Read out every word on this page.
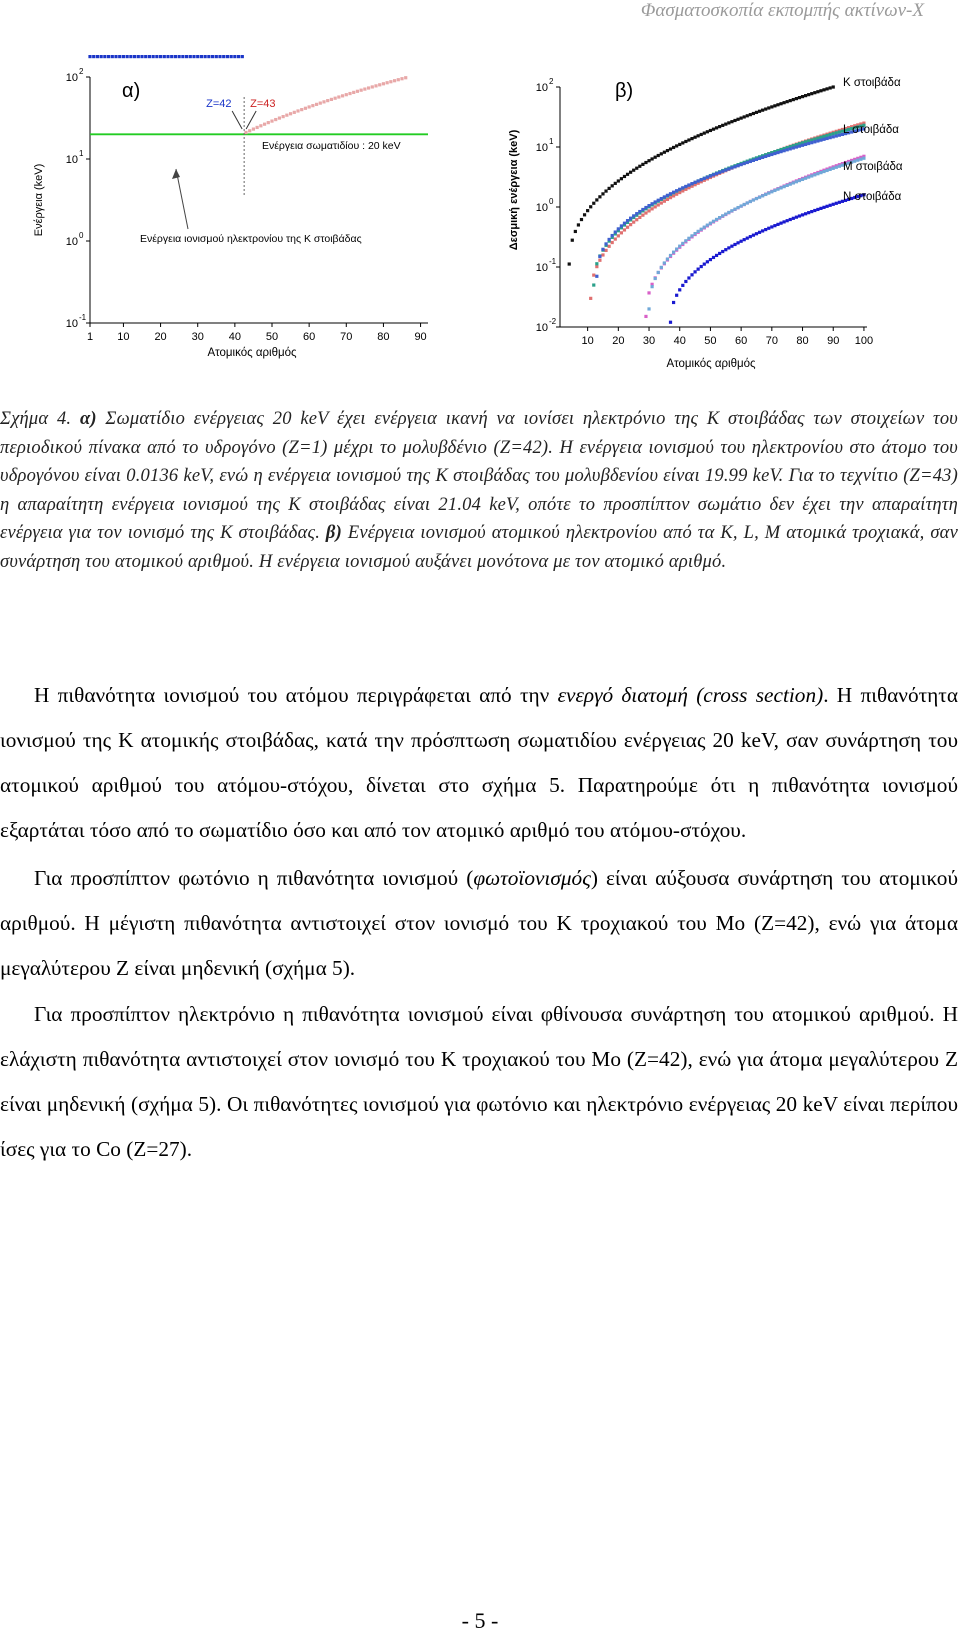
Φασματοσκοπία εκπομπής ακτίνων-Χ
10
-1
10
0
10
1
10
2
1 10 20 30 40 50 60 70 80 90
Z=42 Z=43
α)
Ενέργεια (keV)
Ατομικός αριθμός
Ενέργεια σωματιδίου : 20 keV
Ενέργεια ιονισμού ηλεκτρονίου της Κ στοιβάδας
10
-2
10
-1
10
0
10
1
10
2
10 20 30 40 50 60 70 80 90 100
β)
Δεσμική ενέργεια (keV)
Ατομικός αριθμός
Κ στοιβάδα
L στοιβάδα
Μ στοιβάδα
Ν στοιβάδα
Σχήμα 4. α) Σωματίδιο ενέργειας 20 keV έχει ενέργεια ικανή να ιονίσει ηλεκτρόνιο της Κ στοιβάδας των στοιχείων του περιοδικού πίνακα από το υδρογόνο (Ζ=1) μέχρι το μολυβδένιο (Ζ=42). Η ενέργεια ιονισμού του ηλεκτρονίου στο άτομο του υδρογόνου είναι 0.0136 keV, ενώ η ενέργεια ιονισμού της Κ στοιβάδας του μολυβδενίου είναι 19.99 keV. Για το τεχνίτιο (Ζ=43) η απαραίτητη ενέργεια ιονισμού της Κ στοιβάδας είναι 21.04 keV, οπότε το προσπίπτον σωμάτιο δεν έχει την απαραίτητη ενέργεια για τον ιονισμό της Κ στοιβάδας. β) Ενέργεια ιονισμού ατομικού ηλεκτρονίου από τα Κ, L, Μ ατομικά τροχιακά, σαν συνάρτηση του ατομικού αριθμού. Η ενέργεια ιονισμού αυξάνει μονότονα με τον ατομικό αριθμό.
Η πιθανότητα ιονισμού του ατόμου περιγράφεται από την ενεργό διατομή (cross section). Η πιθανότητα ιονισμού της Κ ατομικής στοιβάδας, κατά την πρόσπτωση σωματιδίου ενέργειας 20 keV, σαν συνάρτηση του ατομικού αριθμού του ατόμου-στόχου, δίνεται στο σχήμα 5. Παρατηρούμε ότι η πιθανότητα ιονισμού εξαρτάται τόσο από το σωματίδιο όσο και από τον ατομικό αριθμό του ατόμου-στόχου.
Για προσπίπτον φωτόνιο η πιθανότητα ιονισμού (φωτοϊονισμός) είναι αύξουσα συνάρτηση του ατομικού αριθμού. Η μέγιστη πιθανότητα αντιστοιχεί στον ιονισμό του Κ τροχιακού του Mo (Z=42), ενώ για άτομα μεγαλύτερου Ζ είναι μηδενική (σχήμα 5).
Για προσπίπτον ηλεκτρόνιο η πιθανότητα ιονισμού είναι φθίνουσα συνάρτηση του ατομικού αριθμού. Η ελάχιστη πιθανότητα αντιστοιχεί στον ιονισμό του Κ τροχιακού του Mo (Z=42), ενώ για άτομα μεγαλύτερου Ζ είναι μηδενική (σχήμα 5). Οι πιθανότητες ιονισμού για φωτόνιο και ηλεκτρόνιο ενέργειας 20 keV είναι περίπου ίσες για το Co (Z=27).
- 5 -
